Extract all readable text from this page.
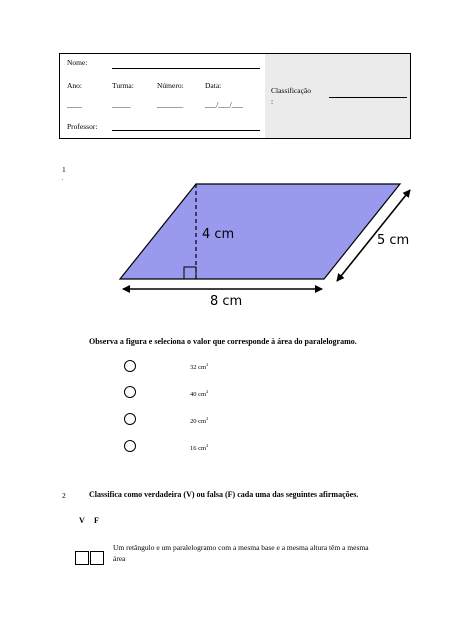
Nome:
Ano:	Turma:	Número:	Data:
____	_____	_______	___/___/___
Professor:
Classificação
:
1
.
4 cm	5 cm
8 cm
Observa a figura e seleciona o valor que corresponde à área do paralelogramo.
32 $cm^2$
40 $cm^2$
20 $cm^2$
16 $cm^2$
2	Classifica como verdadeira (V) ou falsa (F) cada uma das seguintes afirmações.
V F
Um retângulo e um paralelogramo com a mesma base e a mesma altura têm a mesma
área
